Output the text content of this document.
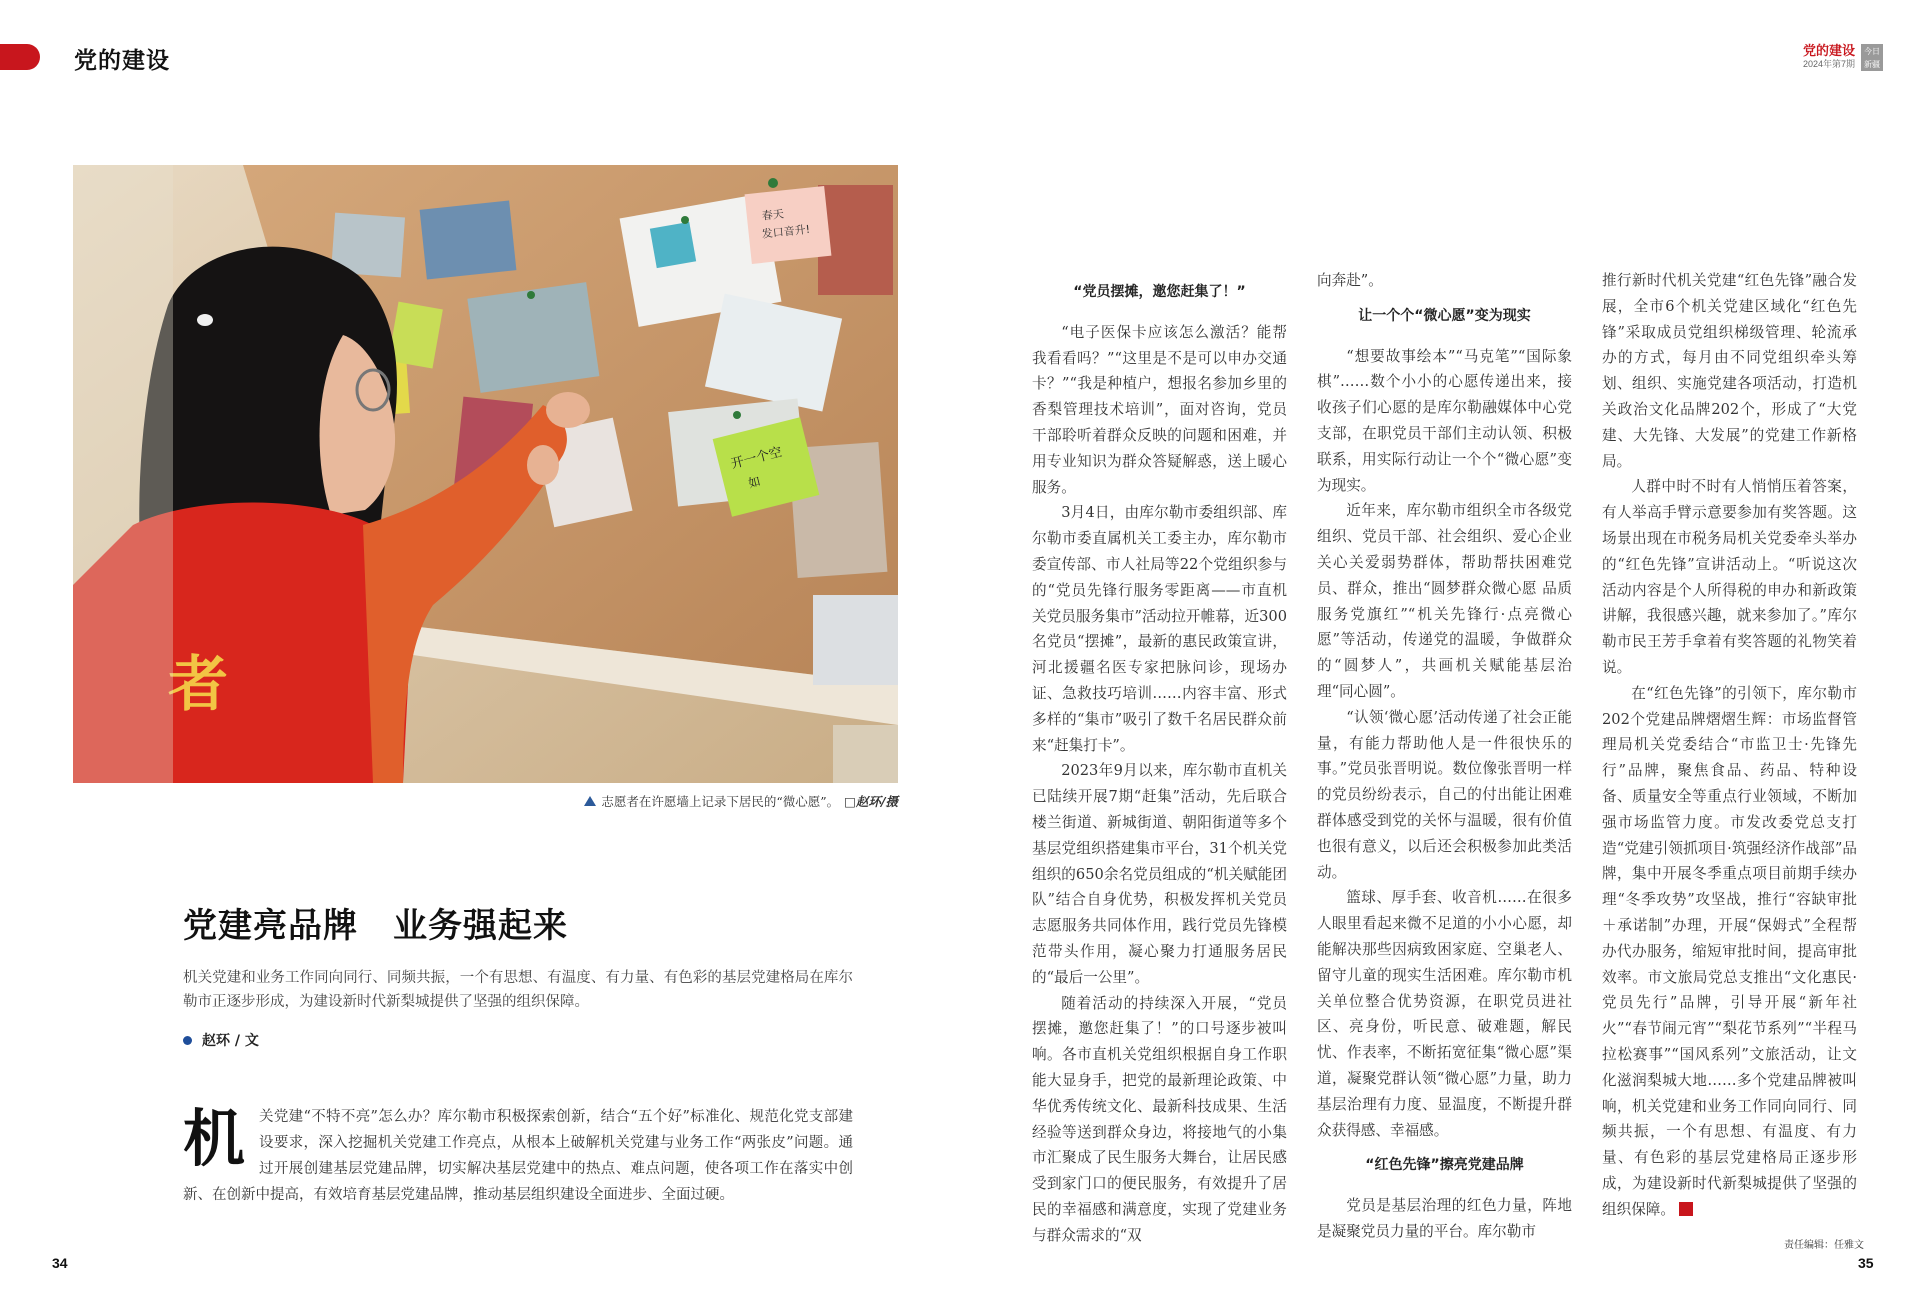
党的建设	党的建设
2024年第7期
今日
新疆
春天
发口音升!
开一个空
如
者
志愿者在许愿墙上记录下居民的“微心愿”。 □赵环/摄
党建亮品牌　业务强起来
机关党建和业务工作同向同行、同频共振，一个有思想、有温度、有力量、有色彩的基层党建格局在库尔勒市正逐步形成，为建设新时代新梨城提供了坚强的组织保障。
赵环 / 文
机 关党建“不特不亮”怎么办？库尔勒市积极探索创新，结合“五个好”标准化、规范化党支部建设要求，深入挖掘机关党建工作亮点，从根本上破解机关党建与业务工作“两张皮”问题。通过开展创建基层党建品牌，切实解决基层党建中的热点、难点问题，使各项工作在落实中创新、在创新中提高，有效培育基层党建品牌，推动基层组织建设全面进步、全面过硬。
“党员摆摊，邀您赶集了！”

“电子医保卡应该怎么激活？能帮我看看吗？”“这里是不是可以申办交通卡？”“我是种植户，想报名参加乡里的香梨管理技术培训”，面对咨询，党员干部聆听着群众反映的问题和困难，并用专业知识为群众答疑解惑，送上暖心服务。

3月4日，由库尔勒市委组织部、库尔勒市委直属机关工委主办，库尔勒市委宣传部、市人社局等22个党组织参与的“党员先锋行服务零距离——市直机关党员服务集市”活动拉开帷幕，近300名党员“摆摊”，最新的惠民政策宣讲，河北援疆名医专家把脉问诊，现场办证、急救技巧培训……内容丰富、形式多样的“集市”吸引了数千名居民群众前来“赶集打卡”。

2023年9月以来，库尔勒市直机关已陆续开展7期“赶集”活动，先后联合楼兰街道、新城街道、朝阳街道等多个基层党组织搭建集市平台，31个机关党组织的650余名党员组成的“机关赋能团队”结合自身优势，积极发挥机关党员志愿服务共同体作用，践行党员先锋模范带头作用，凝心聚力打通服务居民的“最后一公里”。

随着活动的持续深入开展，“党员摆摊，邀您赶集了！”的口号逐步被叫响。各市直机关党组织根据自身工作职能大显身手，把党的最新理论政策、中华优秀传统文化、最新科技成果、生活经验等送到群众身边，将接地气的小集市汇聚成了民生服务大舞台，让居民感受到家门口的便民服务，有效提升了居民的幸福感和满意度，实现了党建业务与群众需求的“双

向奔赴”。

让一个个“微心愿”变为现实

“想要故事绘本”“马克笔”“国际象棋”……数个小小的心愿传递出来，接收孩子们心愿的是库尔勒融媒体中心党支部，在职党员干部们主动认领、积极联系，用实际行动让一个个“微心愿”变为现实。

近年来，库尔勒市组织全市各级党组织、党员干部、社会组织、爱心企业关心关爱弱势群体，帮助帮扶困难党员、群众，推出“圆梦群众微心愿 品质服务党旗红”“机关先锋行·点亮微心愿”等活动，传递党的温暖，争做群众的“圆梦人”，共画机关赋能基层治理“同心圆”。

“认领‘微心愿’活动传递了社会正能量，有能力帮助他人是一件很快乐的事。”党员张晋明说。数位像张晋明一样的党员纷纷表示，自己的付出能让困难群体感受到党的关怀与温暖，很有价值也很有意义，以后还会积极参加此类活动。

篮球、厚手套、收音机……在很多人眼里看起来微不足道的小小心愿，却能解决那些因病致困家庭、空巢老人、留守儿童的现实生活困难。库尔勒市机关单位整合优势资源，在职党员进社区、亮身份，听民意、破难题，解民忧、作表率，不断拓宽征集“微心愿”渠道，凝聚党群认领“微心愿”力量，助力基层治理有力度、显温度，不断提升群众获得感、幸福感。

“红色先锋”擦亮党建品牌

党员是基层治理的红色力量，阵地是凝聚党员力量的平台。库尔勒市

推行新时代机关党建“红色先锋”融合发展，全市6个机关党建区域化“红色先锋”采取成员党组织梯级管理、轮流承办的方式，每月由不同党组织牵头筹划、组织、实施党建各项活动，打造机关政治文化品牌202个，形成了“大党建、大先锋、大发展”的党建工作新格局。

人群中时不时有人悄悄压着答案，有人举高手臂示意要参加有奖答题。这场景出现在市税务局机关党委牵头举办的“红色先锋”宣讲活动上。“听说这次活动内容是个人所得税的申办和新政策讲解，我很感兴趣，就来参加了。”库尔勒市民王芳手拿着有奖答题的礼物笑着说。

在“红色先锋”的引领下，库尔勒市202个党建品牌熠熠生辉：市场监督管理局机关党委结合“市监卫士·先锋先行”品牌，聚焦食品、药品、特种设备、质量安全等重点行业领域，不断加强市场监管力度。市发改委党总支打造“党建引领抓项目·筑强经济作战部”品牌，集中开展冬季重点项目前期手续办理“冬季攻势”攻坚战，推行“容缺审批＋承诺制”办理，开展“保姆式”全程帮办代办服务，缩短审批时间，提高审批效率。市文旅局党总支推出“文化惠民·党员先行”品牌，引导开展“新年社火”“春节闹元宵”“梨花节系列”“半程马拉松赛事”“国风系列”文旅活动，让文化滋润梨城大地……多个党建品牌被叫响，机关党建和业务工作同向同行、同频共振，一个有思想、有温度、有力量、有色彩的基层党建格局正逐步形成，为建设新时代新梨城提供了坚强的组织保障。

34
责任编辑：任雅文
35
